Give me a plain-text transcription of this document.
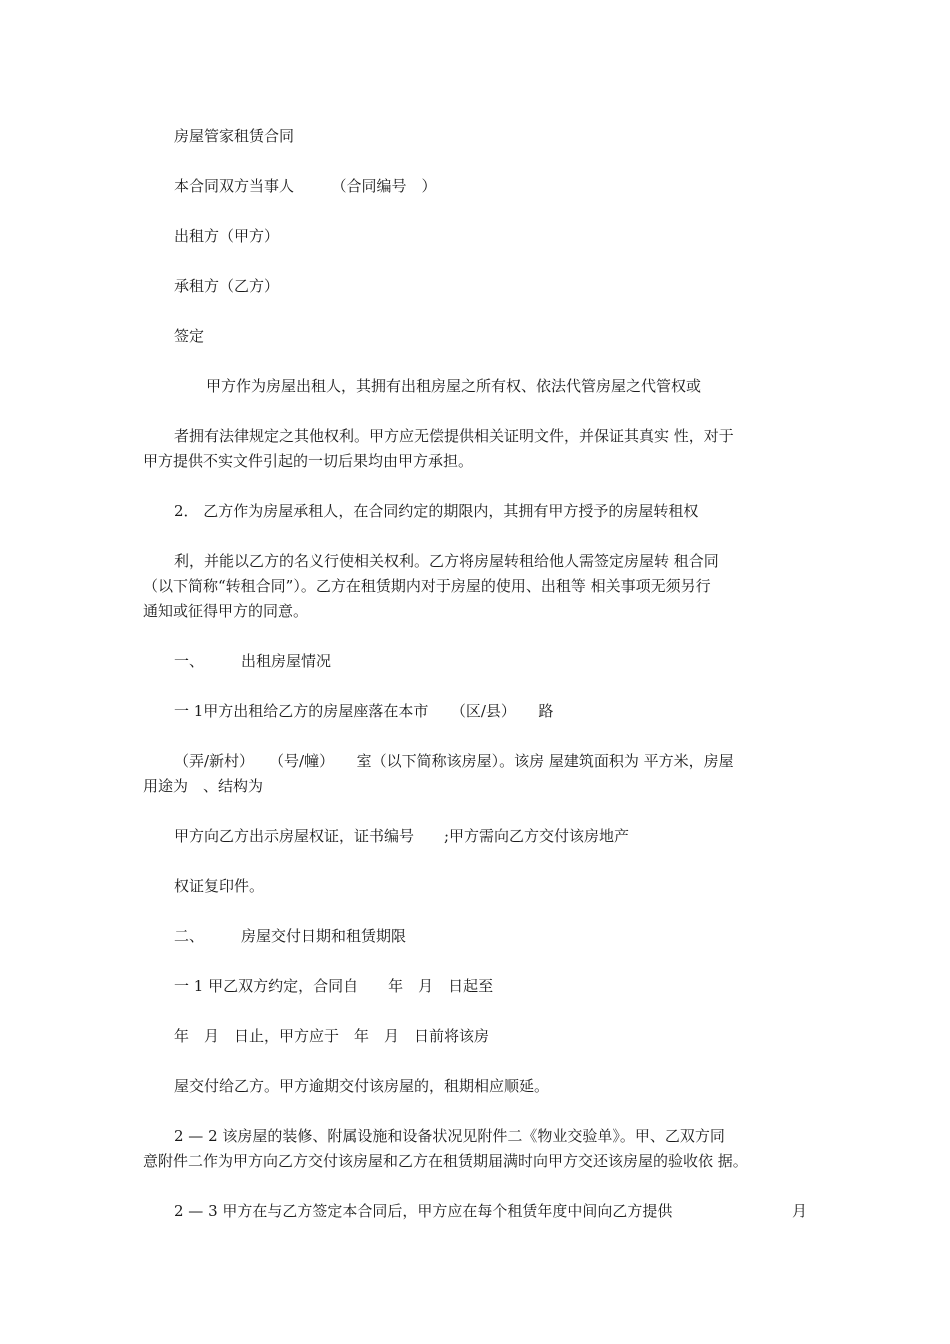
房屋管家租赁合同

本合同双方当事人　　　（合同编号　）

出租方（甲方）

承租方（乙方）

签定

甲方作为房屋出租人，其拥有出租房屋之所有权、依法代管房屋之代管权或

者拥有法律规定之其他权利。甲方应无偿提供相关证明文件，并保证其真实 性，对于

甲方提供不实文件引起的一切后果均由甲方承担。

2． 乙方作为房屋承租人，在合同约定的期限内，其拥有甲方授予的房屋转租权

利，并能以乙方的名义行使相关权利。乙方将房屋转租给他人需签定房屋转 租合同

（以下简称“转租合同”）。乙方在租赁期内对于房屋的使用、出租等 相关事项无须另行

通知或征得甲方的同意。

一、	出租房屋情况

一 1甲方出租给乙方的房屋座落在本市　　（区/县）　　路

（弄/新村）　　（号/幢）　　室（以下简称该房屋）。该房 屋建筑面积为 平方米，房屋

用途为　、结构为

甲方向乙方出示房屋权证，证书编号　　;甲方需向乙方交付该房地产

权证复印件。

二、	房屋交付日期和租赁期限

一 1 甲乙双方约定，合同自　　年　月　日起至

年　月　日止，甲方应于　年　月　日前将该房

屋交付给乙方。甲方逾期交付该房屋的，租期相应顺延。

2 — 2 该房屋的装修、附属设施和设备状况见附件二《物业交验单》。甲、乙双方同

意附件二作为甲方向乙方交付该房屋和乙方在租赁期届满时向甲方交还该房屋的验收依 据。

2 — 3 甲方在与乙方签定本合同后，甲方应在每个租赁年度中间向乙方提供	月
